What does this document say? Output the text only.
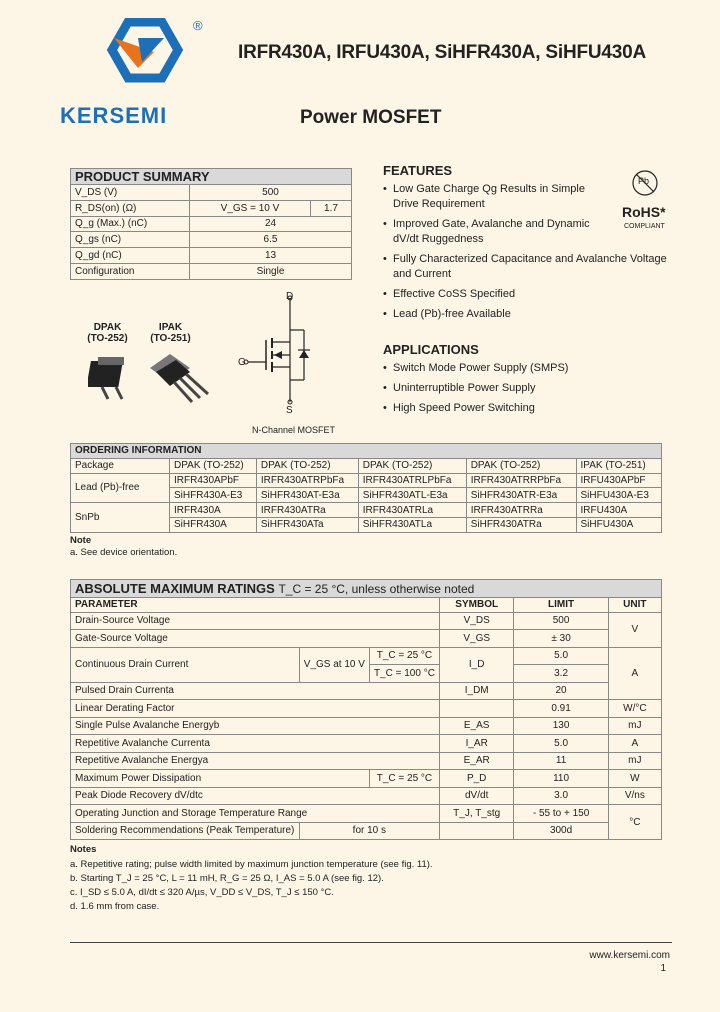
®
KERSEMI
IRFR430A, IRFU430A, SiHFR430A, SiHFU430A
Power MOSFET
PRODUCT SUMMARY		
V_DS (V)	500	
R_DS(on) (Ω)	V_GS = 10 V	1.7
Q_g (Max.) (nC)	24	
Q_gs (nC)	6.5	
Q_gd (nC)	13	
Configuration	Single	
DPAK
(TO-252)
IPAK
(TO-251)
D
G
S
N-Channel MOSFET
FEATURES
• Low Gate Charge Qg Results in Simple Drive Requirement
• Improved Gate, Avalanche and Dynamic dV/dt Ruggedness
• Fully Characterized Capacitance and Avalanche Voltage and Current
• Effective CoSS Specified
• Lead (Pb)-free Available
Pb
RoHS*
COMPLIANT
APPLICATIONS
• Switch Mode Power Supply (SMPS)
• Uninterruptible Power Supply
• High Speed Power Switching
ORDERING INFORMATION					
Package	DPAK (TO-252)	DPAK (TO-252)	DPAK (TO-252)	DPAK (TO-252)	IPAK (TO-251)
Lead (Pb)-free	IRFR430APbF	IRFR430ATRPbFa	IRFR430ATRLPbFa	IRFR430ATRRPbFa	IRFU430APbF
	SiHFR430A-E3	SiHFR430AT-E3a	SiHFR430ATL-E3a	SiHFR430ATR-E3a	SiHFU430A-E3
SnPb	IRFR430A	IRFR430ATRa	IRFR430ATRLa	IRFR430ATRRa	IRFU430A
	SiHFR430A	SiHFR430ATa	SiHFR430ATLa	SiHFR430ATRa	SiHFU430A
Note
a. See device orientation.
ABSOLUTE MAXIMUM RATINGS T_C = 25 °C, unless otherwise noted					
PARAMETER			SYMBOL	LIMIT	UNIT
Drain-Source Voltage			V_DS	500	V
Gate-Source Voltage			V_GS	± 30	
Continuous Drain Current	V_GS at 10 V	T_C = 25 °C	I_D	5.0	A
		T_C = 100 °C		3.2	
Pulsed Drain Currenta			I_DM	20	
Linear Derating Factor				0.91	W/°C
Single Pulse Avalanche Energyb			E_AS	130	mJ
Repetitive Avalanche Currenta			I_AR	5.0	A
Repetitive Avalanche Energya			E_AR	11	mJ
Maximum Power Dissipation		T_C = 25 °C	P_D	110	W
Peak Diode Recovery dV/dtc			dV/dt	3.0	V/ns
Operating Junction and Storage Temperature Range			T_J, T_stg	- 55 to + 150	°C
Soldering Recommendations (Peak Temperature)	for 10 s			300d	
Notes
a. Repetitive rating; pulse width limited by maximum junction temperature (see fig. 11).
b. Starting T_J = 25 °C, L = 11 mH, R_G = 25 Ω, I_AS = 5.0 A (see fig. 12).
c. I_SD ≤ 5.0 A, dI/dt ≤ 320 A/µs, V_DD ≤ V_DS, T_J ≤ 150 °C.
d. 1.6 mm from case.
www.kersemi.com
1
